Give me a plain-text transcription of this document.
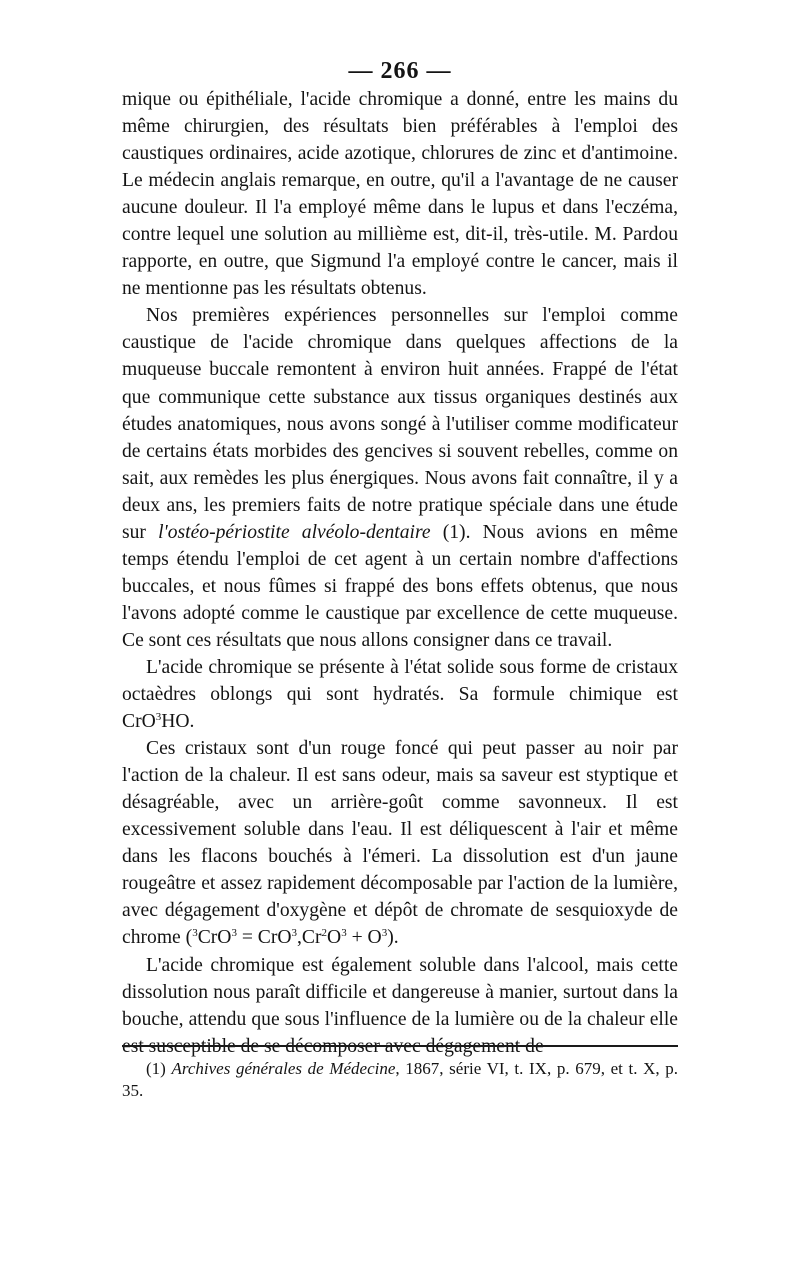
— 266 —

mique ou épithéliale, l'acide chromique a donné, entre les mains du même chirurgien, des résultats bien préférables à l'emploi des caustiques ordinaires, acide azotique, chlorures de zinc et d'antimoine. Le médecin anglais remarque, en outre, qu'il a l'avantage de ne causer aucune douleur. Il l'a employé même dans le lupus et dans l'eczéma, contre lequel une solution au millième est, dit-il, très-utile. M. Pardou rapporte, en outre, que Sigmund l'a employé contre le cancer, mais il ne mentionne pas les résultats obtenus.

Nos premières expériences personnelles sur l'emploi comme caustique de l'acide chromique dans quelques affections de la muqueuse buccale remontent à environ huit années. Frappé de l'état que communique cette substance aux tissus organiques destinés aux études anatomiques, nous avons songé à l'utiliser comme modificateur de certains états morbides des gencives si souvent rebelles, comme on sait, aux remèdes les plus énergiques. Nous avons fait connaître, il y a deux ans, les premiers faits de notre pratique spéciale dans une étude sur l'ostéo-périostite alvéolo-dentaire (1). Nous avions en même temps étendu l'emploi de cet agent à un certain nombre d'affections buccales, et nous fûmes si frappé des bons effets obtenus, que nous l'avons adopté comme le caustique par excellence de cette muqueuse. Ce sont ces résultats que nous allons consigner dans ce travail.

L'acide chromique se présente à l'état solide sous forme de cristaux octaèdres oblongs qui sont hydratés. Sa formule chimique est CrO$^3$HO.

Ces cristaux sont d'un rouge foncé qui peut passer au noir par l'action de la chaleur. Il est sans odeur, mais sa saveur est styptique et désagréable, avec un arrière-goût comme savonneux. Il est excessivement soluble dans l'eau. Il est déliquescent à l'air et même dans les flacons bouchés à l'émeri. La dissolution est d'un jaune rougeâtre et assez rapidement décomposable par l'action de la lumière, avec dégagement d'oxygène et dépôt de chromate de sesquioxyde de chrome $(^3CrO^3 = CrO^3,Cr^2O^3 + O^3)$.

L'acide chromique est également soluble dans l'alcool, mais cette dissolution nous paraît difficile et dangereuse à manier, surtout dans la bouche, attendu que sous l'influence de la lumière ou de la chaleur elle est susceptible de se décomposer avec dégagement de

(1) Archives générales de Médecine, 1867, série VI, t. IX, p. 679, et t. X, p. 35.
